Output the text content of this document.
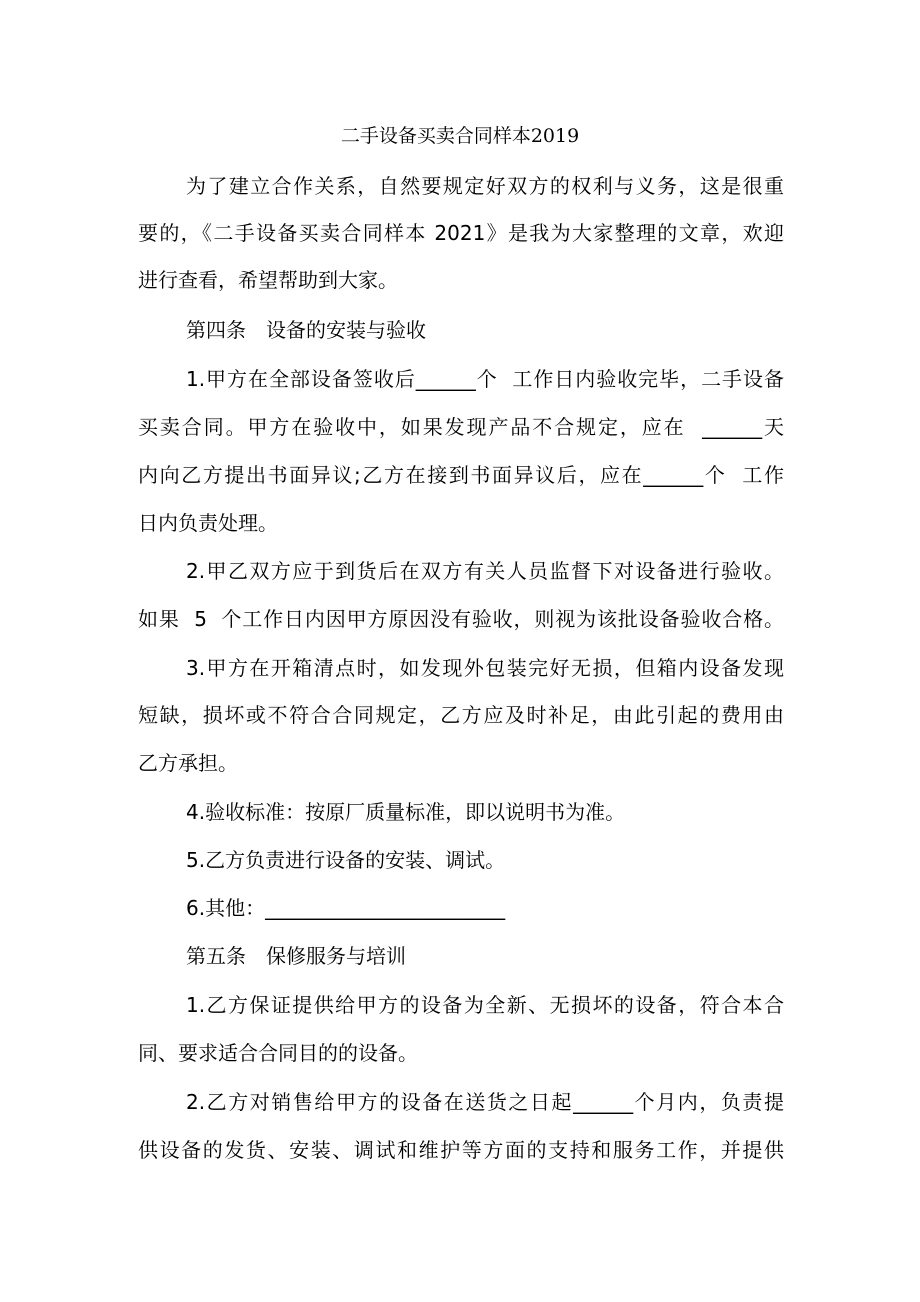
二手设备买卖合同样本2019
为了建立合作关系，自然要规定好双方的权利与义务，这是很重
要的，《二手设备买卖合同样本 2021》是我为大家整理的文章，欢迎
进行查看，希望帮助到大家。
第四条　设备的安装与验收
1.甲方在全部设备签收后______个  工作日内验收完毕，二手设备
买卖合同。甲方在验收中，如果发现产品不合规定，应在  ______天
内向乙方提出书面异议;乙方在接到书面异议后，应在______个  工作
日内负责处理。
2.甲乙双方应于到货后在双方有关人员监督下对设备进行验收。
如果  5  个工作日内因甲方原因没有验收，则视为该批设备验收合格。
3.甲方在开箱清点时，如发现外包装完好无损，但箱内设备发现
短缺，损坏或不符合合同规定，乙方应及时补足，由此引起的费用由
乙方承担。
4.验收标准：按原厂质量标准，即以说明书为准。
5.乙方负责进行设备的安装、调试。
6.其他：________________________
第五条　保修服务与培训
1.乙方保证提供给甲方的设备为全新、无损坏的设备，符合本合
同、要求适合合同目的的设备。
2.乙方对销售给甲方的设备在送货之日起______个月内，负责提
供设备的发货、安装、调试和维护等方面的支持和服务工作，并提供
